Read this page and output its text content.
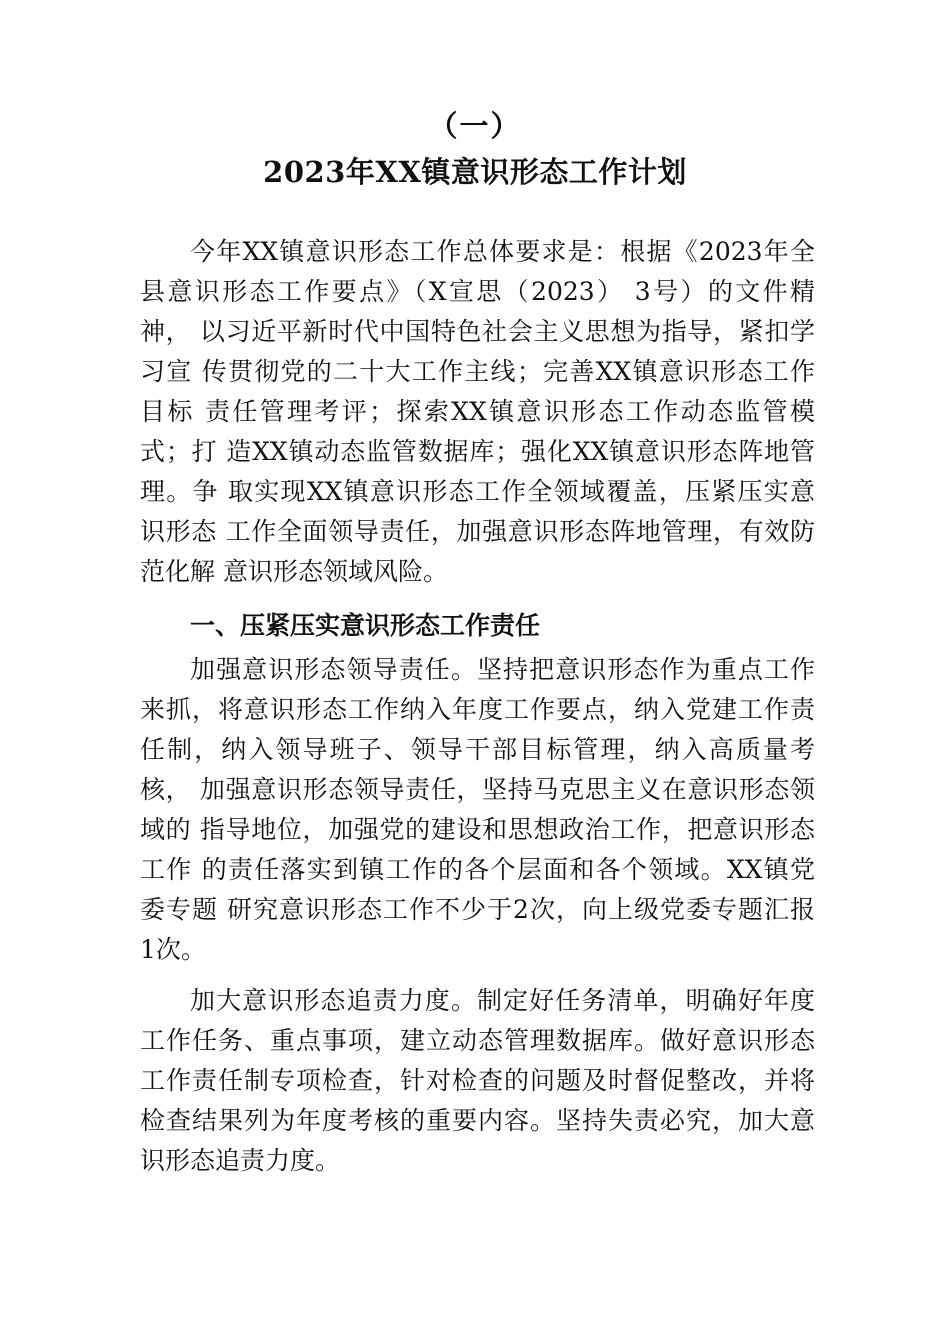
（一）
2023年XX镇意识形态工作计划
今年XX镇意识形态工作总体要求是：根据《2023年全
县意识形态工作要点》（X宣思（2023） 3号）的文件精
神， 以习近平新时代中国特色社会主义思想为指导，紧扣学
习宣 传贯彻党的二十大工作主线；完善XX镇意识形态工作
目标 责任管理考评；探索XX镇意识形态工作动态监管模
式；打 造XX镇动态监管数据库；强化XX镇意识形态阵地管
理。争 取实现XX镇意识形态工作全领域覆盖，压紧压实意
识形态 工作全面领导责任，加强意识形态阵地管理，有效防
范化解 意识形态领域风险。
一、压紧压实意识形态工作责任
加强意识形态领导责任。坚持把意识形态作为重点工作
来抓，将意识形态工作纳入年度工作要点，纳入党建工作责
任制，纳入领导班子、领导干部目标管理，纳入高质量考
核， 加强意识形态领导责任，坚持马克思主义在意识形态领
域的 指导地位，加强党的建设和思想政治工作，把意识形态
工作 的责任落实到镇工作的各个层面和各个领域。XX镇党
委专题 研究意识形态工作不少于2次，向上级党委专题汇报
1次。
加大意识形态追责力度。制定好任务清单，明确好年度
工作任务、重点事项，建立动态管理数据库。做好意识形态
工作责任制专项检查，针对检查的问题及时督促整改，并将
检查结果列为年度考核的重要内容。坚持失责必究，加大意
识形态追责力度。
